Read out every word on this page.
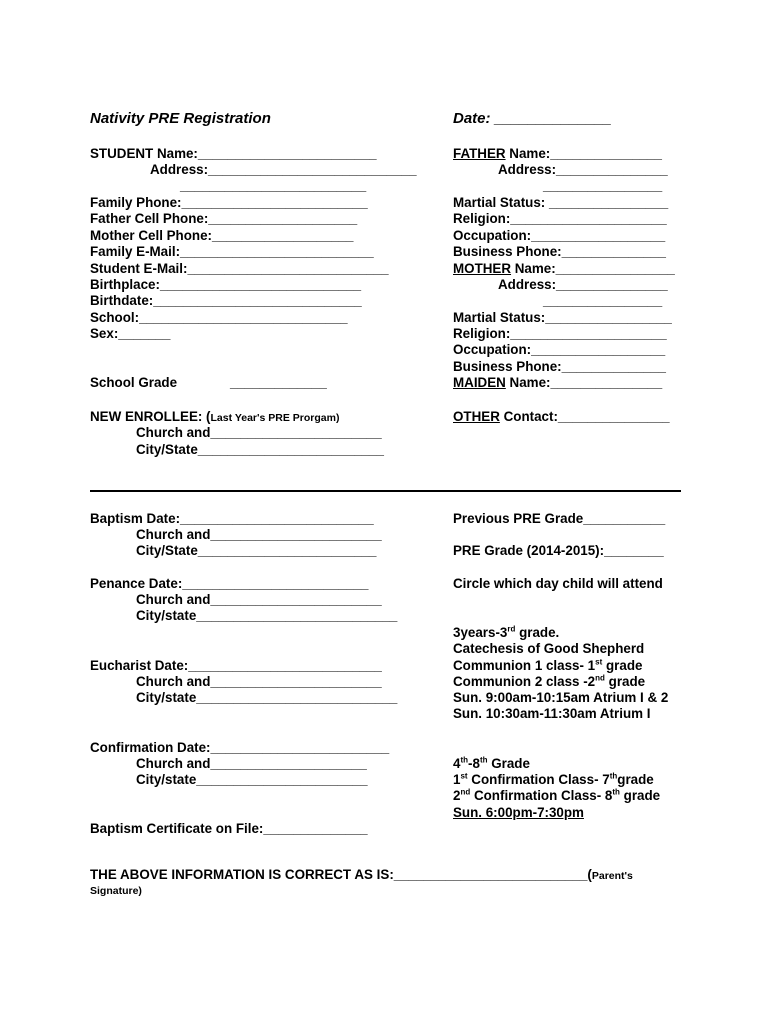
Nativity PRE Registration	Date: ______________
STUDENT Name:________________________
Address:____________________________
_________________________
Family Phone:_________________________
Father Cell Phone:____________________
Mother Cell Phone:___________________
Family E-Mail:__________________________
Student E-Mail:___________________________
Birthplace:___________________________
Birthdate:____________________________
School:____________________________
Sex:_______
School Grade	_____________
NEW ENROLLEE: (Last Year's PRE Prorgam)
Church and_______________________
City/State_________________________
FATHER Name:_______________
Address:_______________
________________
Martial Status: ________________
Religion:_____________________
Occupation:__________________
Business Phone:______________
MOTHER Name:________________
Address:_______________
________________
Martial Status:_________________
Religion:_____________________
Occupation:__________________
Business Phone:______________
MAIDEN Name:_______________
OTHER Contact:_______________
Baptism Date:__________________________
Church and_______________________
City/State________________________
Penance Date:_________________________
Church and_______________________
City/state___________________________
Eucharist Date:__________________________
Church and_______________________
City/state___________________________
Confirmation Date:________________________
Church and_____________________
City/state_______________________
Baptism Certificate on File:______________
Previous PRE Grade___________
PRE Grade (2014-2015):________
Circle which day child will attend
3years-3rd grade.
Catechesis of Good Shepherd
Communion 1 class- 1st grade
Communion 2 class -2nd grade
Sun. 9:00am-10:15am Atrium I & 2
Sun. 10:30am-11:30am Atrium I
4th-8th Grade
1st Confirmation Class- 7thgrade
2nd Confirmation Class- 8th grade
Sun. 6:00pm-7:30pm
THE ABOVE INFORMATION IS CORRECT AS IS:__________________________(Parent's
Signature)
